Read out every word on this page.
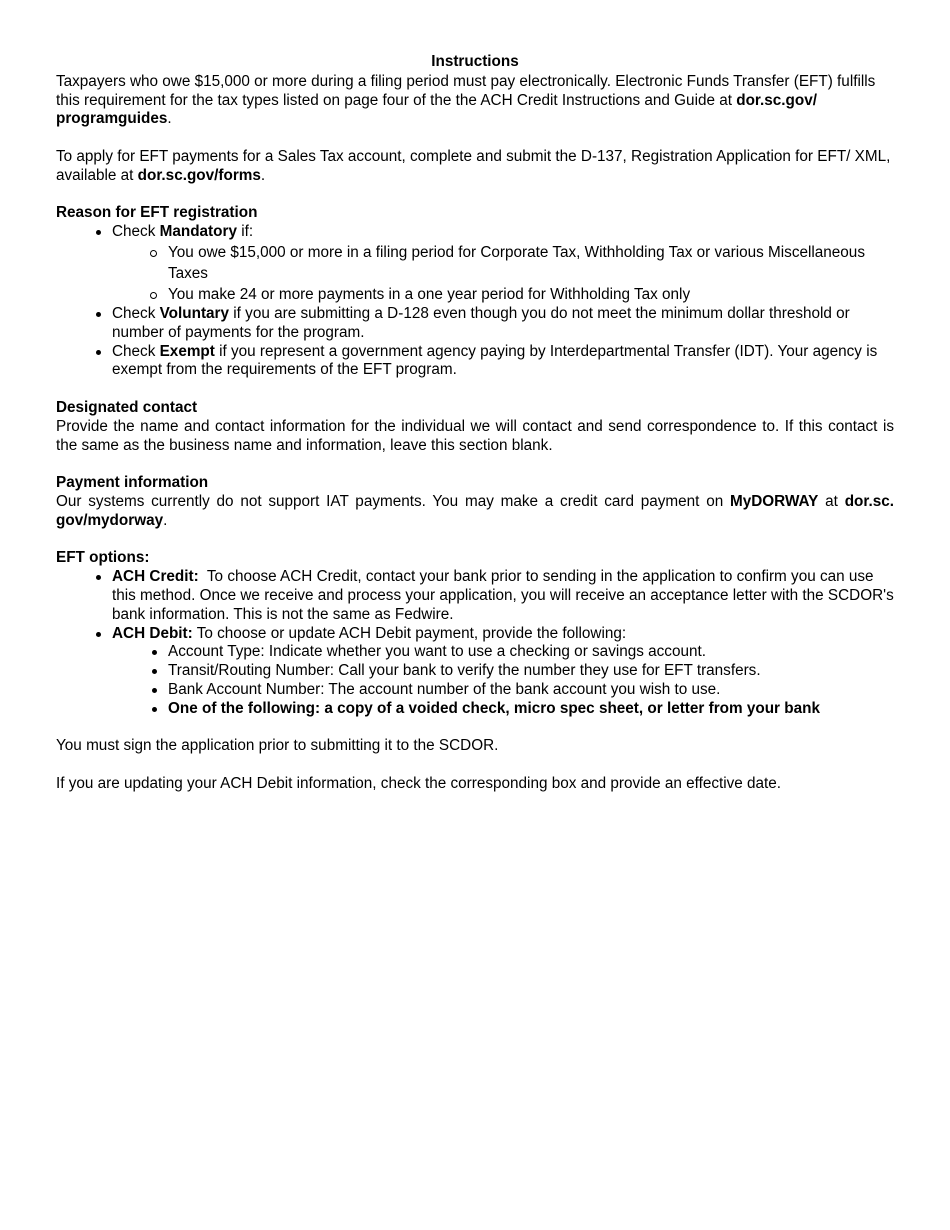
Instructions

Taxpayers who owe $15,000 or more during a filing period must pay electronically. Electronic Funds Transfer (EFT) fulfills this requirement for the tax types listed on page four of the the ACH Credit Instructions and Guide at dor.sc.gov/ programguides.

To apply for EFT payments for a Sales Tax account, complete and submit the D-137, Registration Application for EFT/ XML, available at dor.sc.gov/forms.

Reason for EFT registration

Check Mandatory if:
You owe $15,000 or more in a filing period for Corporate Tax, Withholding Tax or various Miscellaneous Taxes
You make 24 or more payments in a one year period for Withholding Tax only
Check Voluntary if you are submitting a D-128 even though you do not meet the minimum dollar threshold or number of payments for the program.
Check Exempt if you represent a government agency paying by Interdepartmental Transfer (IDT). Your agency is exempt from the requirements of the EFT program.

Designated contact

Provide the name and contact information for the individual we will contact and send correspondence to. If this contact is the same as the business name and information, leave this section blank.

Payment information

Our systems currently do not support IAT payments. You may make a credit card payment on MyDORWAY at dor.sc. gov/mydorway.

EFT options:

ACH Credit:  To choose ACH Credit, contact your bank prior to sending in the application to confirm you can use this method. Once we receive and process your application, you will receive an acceptance letter with the SCDOR's bank information. This is not the same as Fedwire.
ACH Debit: To choose or update ACH Debit payment, provide the following:
Account Type: Indicate whether you want to use a checking or savings account.
Transit/Routing Number: Call your bank to verify the number they use for EFT transfers.
Bank Account Number: The account number of the bank account you wish to use.
One of the following: a copy of a voided check, micro spec sheet, or letter from your bank

You must sign the application prior to submitting it to the SCDOR.

If you are updating your ACH Debit information, check the corresponding box and provide an effective date.
